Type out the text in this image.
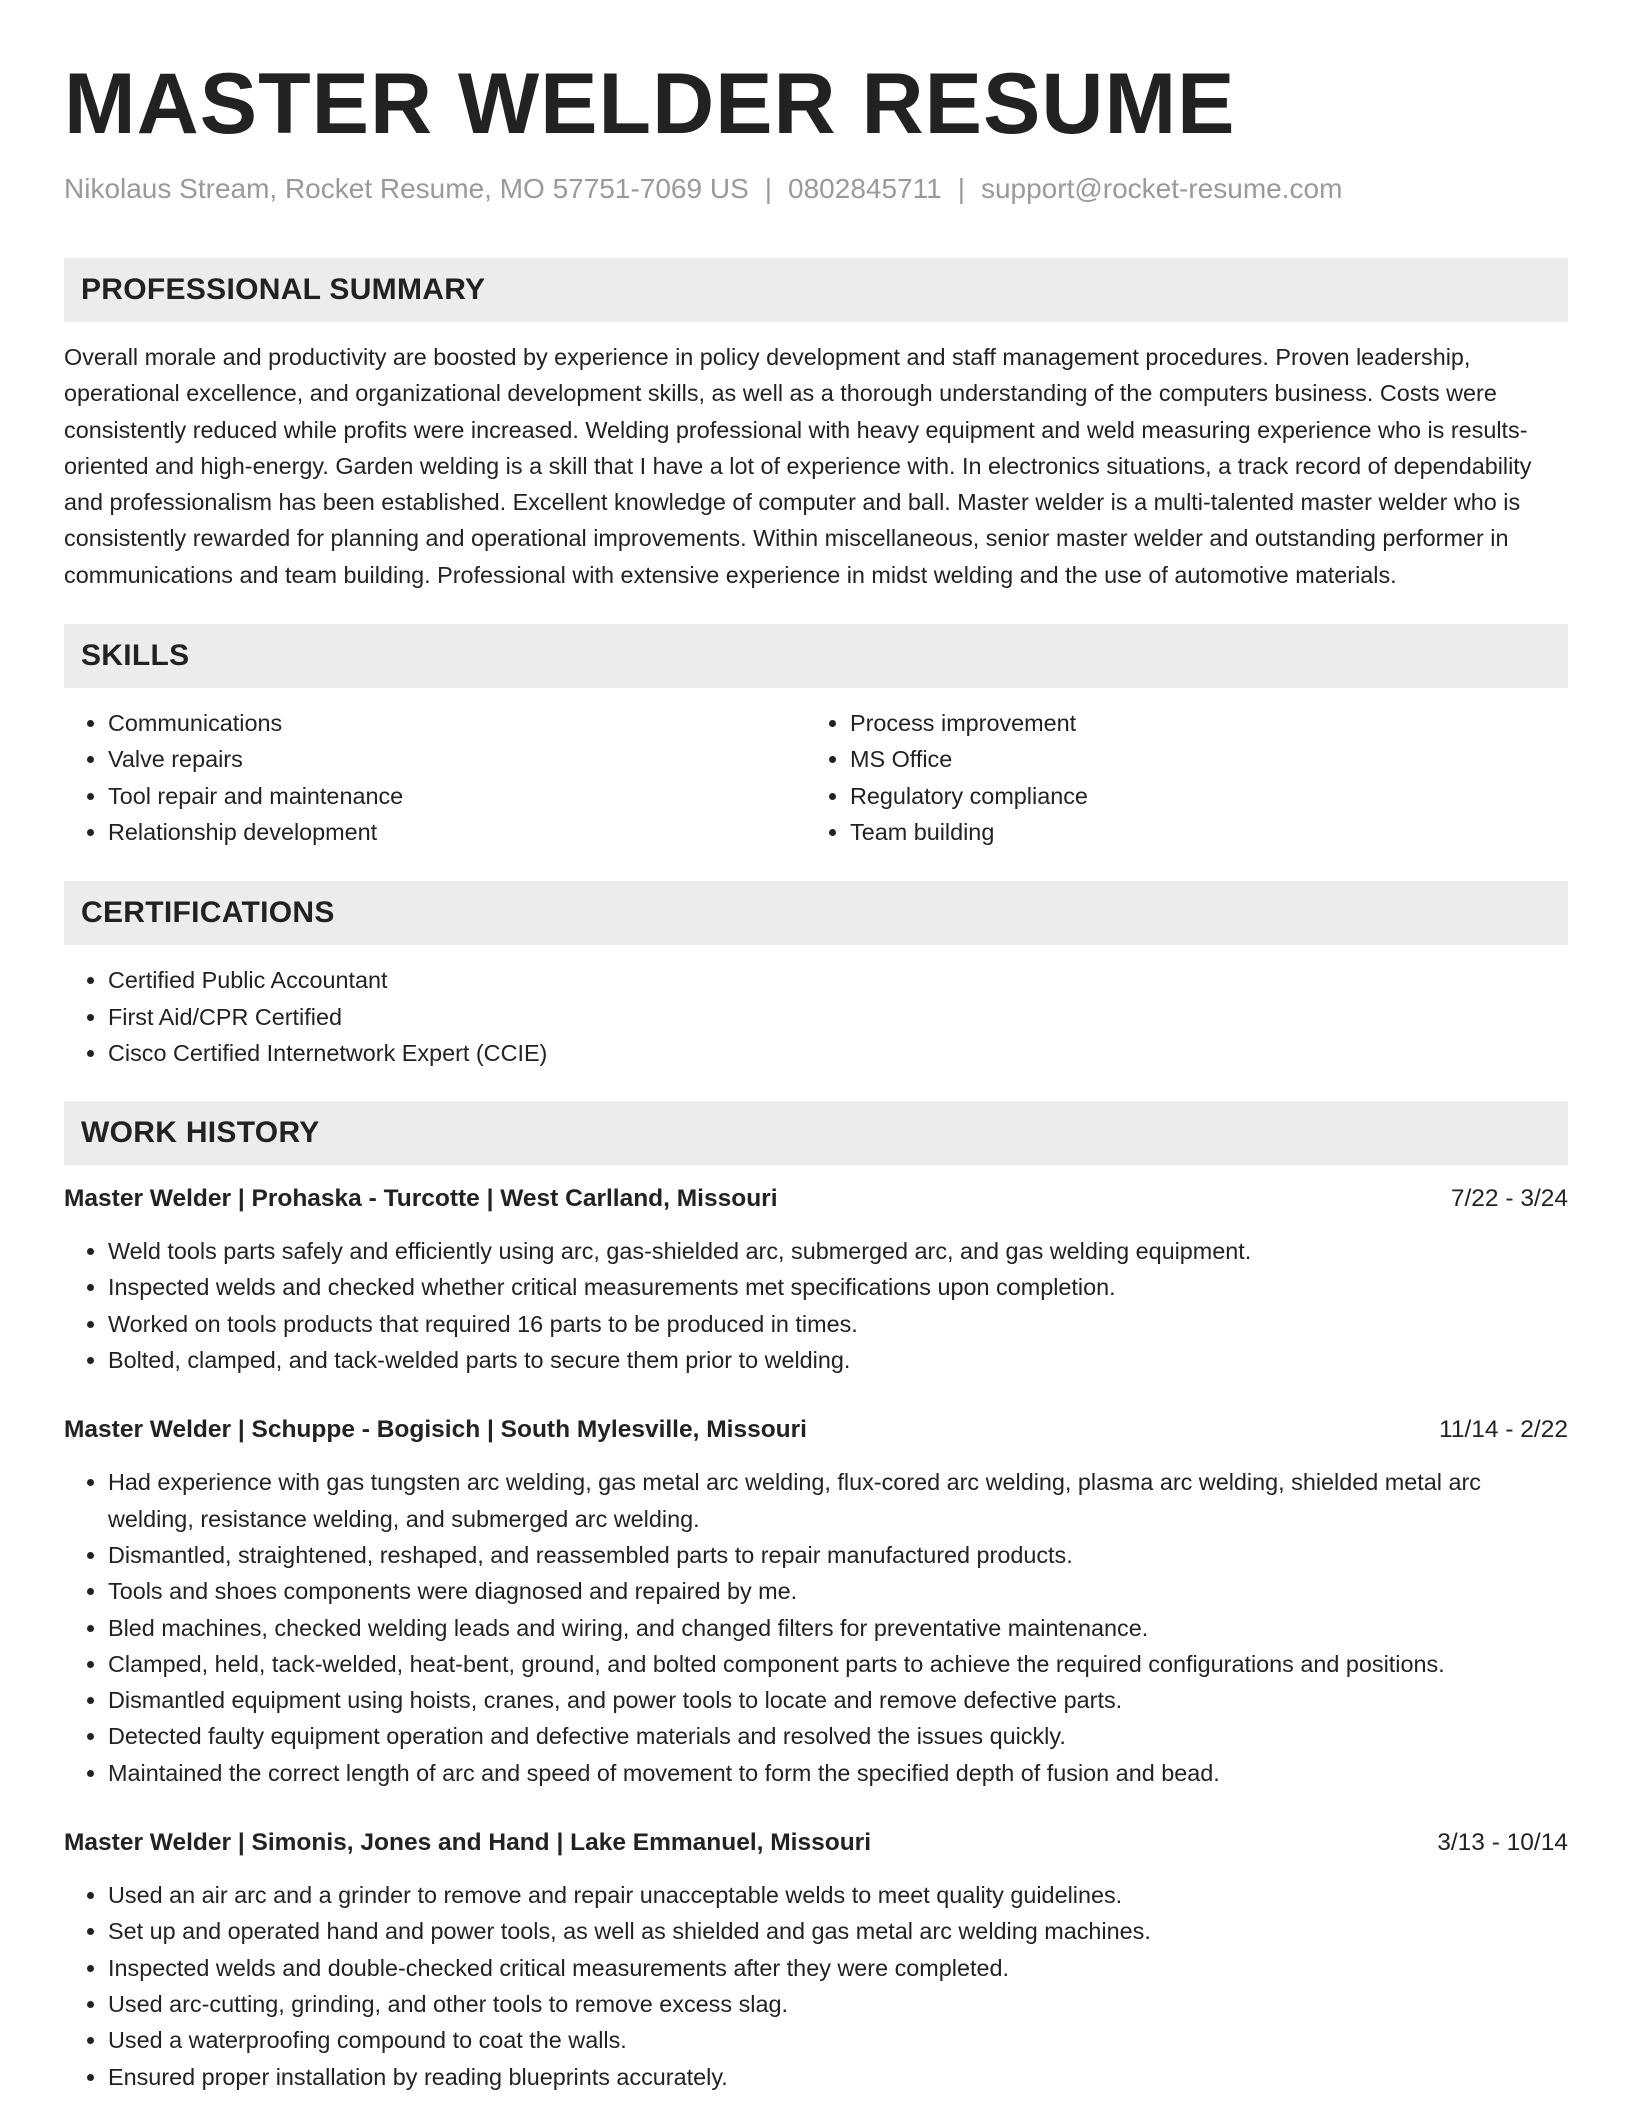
MASTER WELDER RESUME
Nikolaus Stream, Rocket Resume, MO 57751-7069 US | 0802845711 | support@rocket-resume.com
PROFESSIONAL SUMMARY

Overall morale and productivity are boosted by experience in policy development and staff management procedures. Proven leadership, operational excellence, and organizational development skills, as well as a thorough understanding of the computers business. Costs were consistently reduced while profits were increased. Welding professional with heavy equipment and weld measuring experience who is results-oriented and high-energy. Garden welding is a skill that I have a lot of experience with. In electronics situations, a track record of dependability and professionalism has been established. Excellent knowledge of computer and ball. Master welder is a multi-talented master welder who is consistently rewarded for planning and operational improvements. Within miscellaneous, senior master welder and outstanding performer in communications and team building. Professional with extensive experience in midst welding and the use of automotive materials.

SKILLS
• Communications
• Valve repairs
• Tool repair and maintenance
• Relationship development
• Process improvement
• MS Office
• Regulatory compliance
• Team building
CERTIFICATIONS
• Certified Public Accountant
• First Aid/CPR Certified
• Cisco Certified Internetwork Expert (CCIE)
WORK HISTORY
Master Welder | Prohaska - Turcotte | West Carlland, Missouri	7/22 - 3/24
• Weld tools parts safely and efficiently using arc, gas-shielded arc, submerged arc, and gas welding equipment.
• Inspected welds and checked whether critical measurements met specifications upon completion.
• Worked on tools products that required 16 parts to be produced in times.
• Bolted, clamped, and tack-welded parts to secure them prior to welding.
Master Welder | Schuppe - Bogisich | South Mylesville, Missouri	11/14 - 2/22
• Had experience with gas tungsten arc welding, gas metal arc welding, flux-cored arc welding, plasma arc welding, shielded metal arc welding, resistance welding, and submerged arc welding.
• Dismantled, straightened, reshaped, and reassembled parts to repair manufactured products.
• Tools and shoes components were diagnosed and repaired by me.
• Bled machines, checked welding leads and wiring, and changed filters for preventative maintenance.
• Clamped, held, tack-welded, heat-bent, ground, and bolted component parts to achieve the required configurations and positions.
• Dismantled equipment using hoists, cranes, and power tools to locate and remove defective parts.
• Detected faulty equipment operation and defective materials and resolved the issues quickly.
• Maintained the correct length of arc and speed of movement to form the specified depth of fusion and bead.
Master Welder | Simonis, Jones and Hand | Lake Emmanuel, Missouri	3/13 - 10/14
• Used an air arc and a grinder to remove and repair unacceptable welds to meet quality guidelines.
• Set up and operated hand and power tools, as well as shielded and gas metal arc welding machines.
• Inspected welds and double-checked critical measurements after they were completed.
• Used arc-cutting, grinding, and other tools to remove excess slag.
• Used a waterproofing compound to coat the walls.
• Ensured proper installation by reading blueprints accurately.
